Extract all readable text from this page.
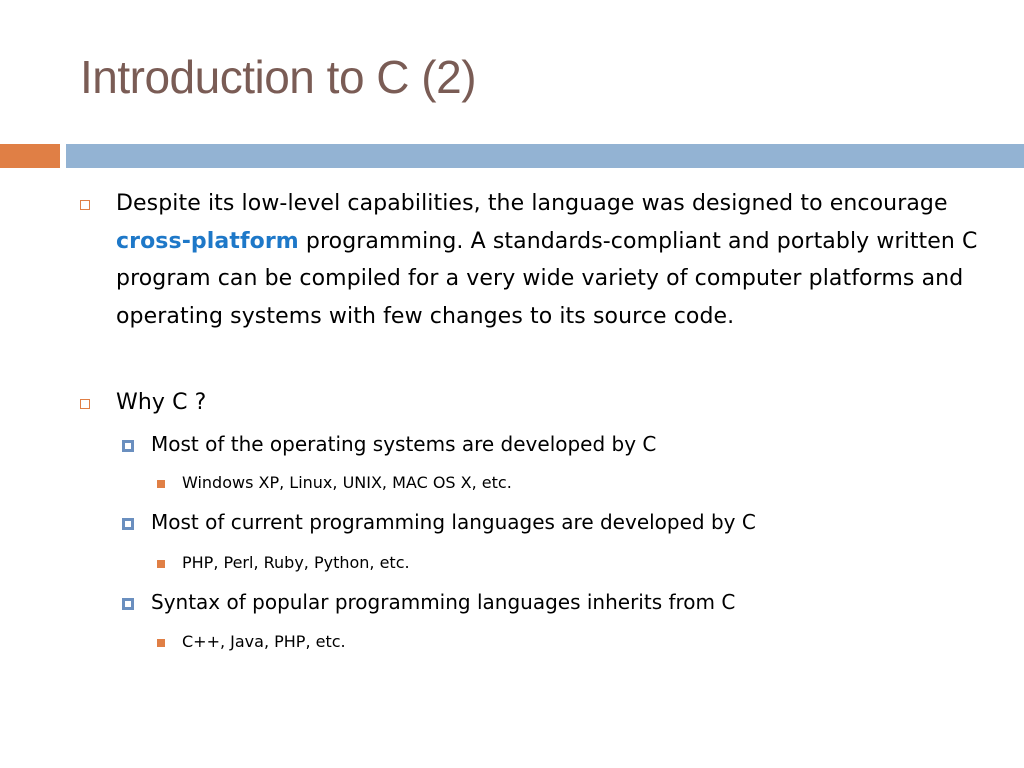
Introduction to C (2)
Despite its low-level capabilities, the language was designed to encourage cross-platform programming. A standards-compliant and portably written C program can be compiled for a very wide variety of computer platforms and operating systems with few changes to its source code.
Why C ?
Most of the operating systems are developed by C
Windows XP, Linux, UNIX, MAC OS X, etc.
Most of current programming languages are developed by C
PHP, Perl, Ruby, Python, etc.
Syntax of popular programming languages inherits from C
C++, Java, PHP, etc.
